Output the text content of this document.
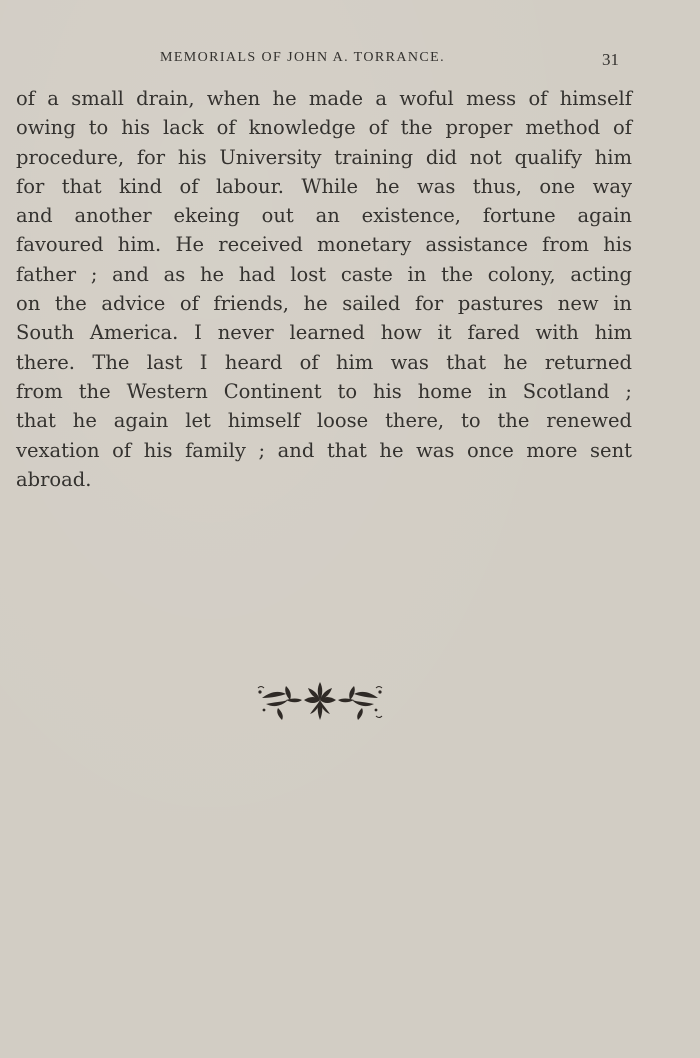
MEMORIALS OF JOHN A. TORRANCE.	31
of a small drain, when he made a woful mess of himself
owing to his lack of knowledge of the proper method of
procedure, for his University training did not qualify him
for that kind of labour. While he was thus, one way
and another ekeing out an existence, fortune again
favoured him. He received monetary assistance from his
father ; and as he had lost caste in the colony, acting
on the advice of friends, he sailed for pastures new in
South America. I never learned how it fared with him
there. The last I heard of him was that he returned
from the Western Continent to his home in Scotland ;
that he again let himself loose there, to the renewed
vexation of his family ; and that he was once more sent
abroad.
